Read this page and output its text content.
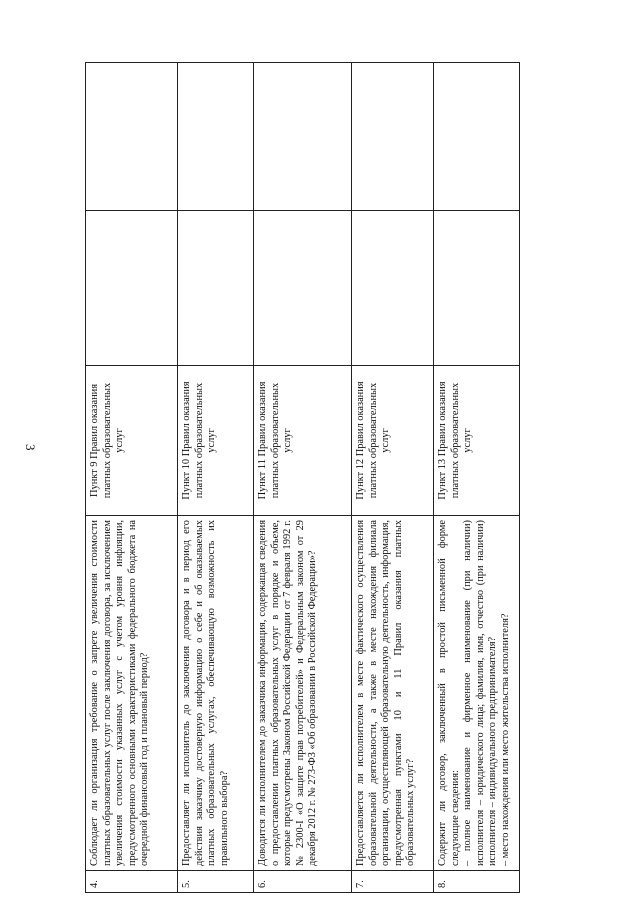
3
4.	Соблюдает ли организация требование о запрете увеличения стоимости платных образовательных услуг после заключения договора, за исключением увеличения стоимости указанных услуг с учетом уровня инфляции, предусмотренного основными характеристиками федерального бюджета на очередной финансовый год и плановый период?	Пункт 9 Правил оказания платных образовательных услуг		
5.	Предоставляет ли исполнитель до заключения договора и в период его действия заказчику достоверную информацию о себе и об оказываемых платных образовательных услугах, обеспечивающую возможность их правильного выбора?	Пункт 10 Правил оказания платных образовательных услуг		
6.	Доводится ли исполнителем до заказчика информация, содержащая сведения о предоставлении платных образовательных услуг в порядке и объеме, которые предусмотрены Законом Российской Федерации от 7 февраля 1992 г. № 2300-I «О защите прав потребителей» и Федеральным законом от 29 декабря 2012 г. № 273-ФЗ «Об образовании в Российской Федерации»?	Пункт 11 Правил оказания платных образовательных услуг		
7.	Предоставляется ли исполнителем в месте фактического осуществления образовательной деятельности, а также в месте нахождения филиала организации, осуществляющей образовательную деятельность, информация, предусмотренная пунктами 10 и 11 Правил оказания платных образовательных услуг?	Пункт 12 Правил оказания платных образовательных услуг		
8.	Содержит ли договор, заключенный в простой письменной форме следующие сведения: – полное наименование и фирменное наименование (при наличии) исполнителя – юридического лица; фамилия, имя, отчество (при наличии) исполнителя – индивидуального предпринимателя? – место нахождения или место жительства исполнителя?	Пункт 13 Правил оказания платных образовательных услуг		
